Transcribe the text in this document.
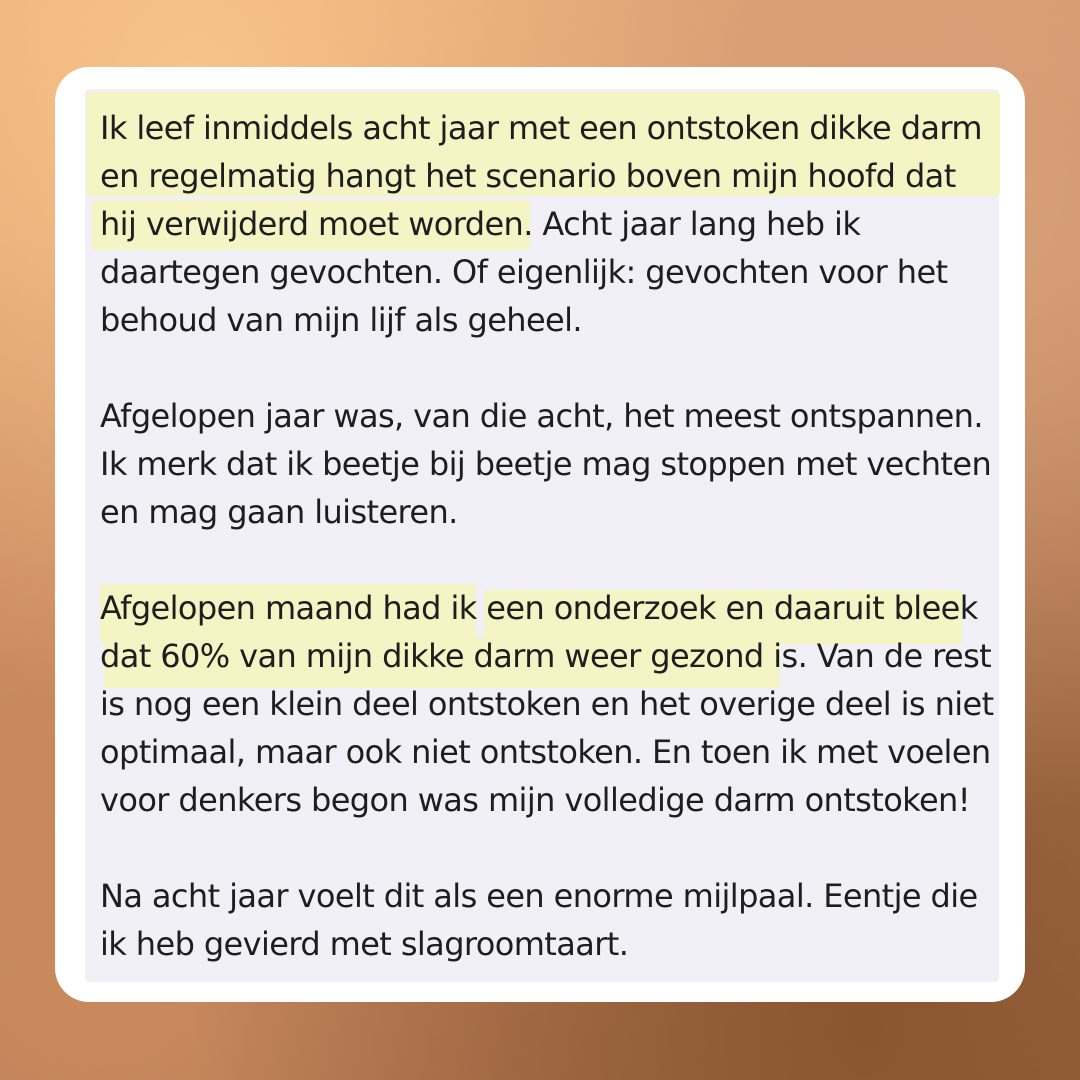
Ik leef inmiddels acht jaar met een ontstoken dikke darm
en regelmatig hangt het scenario boven mijn hoofd dat
hij verwijderd moet worden. Acht jaar lang heb ik
daartegen gevochten. Of eigenlijk: gevochten voor het
behoud van mijn lijf als geheel.
Afgelopen jaar was, van die acht, het meest ontspannen.
Ik merk dat ik beetje bij beetje mag stoppen met vechten
en mag gaan luisteren.
Afgelopen maand had ik een onderzoek en daaruit bleek
dat 60% van mijn dikke darm weer gezond is. Van de rest
is nog een klein deel ontstoken en het overige deel is niet
optimaal, maar ook niet ontstoken. En toen ik met voelen
voor denkers begon was mijn volledige darm ontstoken!
Na acht jaar voelt dit als een enorme mijlpaal. Eentje die
ik heb gevierd met slagroomtaart.
